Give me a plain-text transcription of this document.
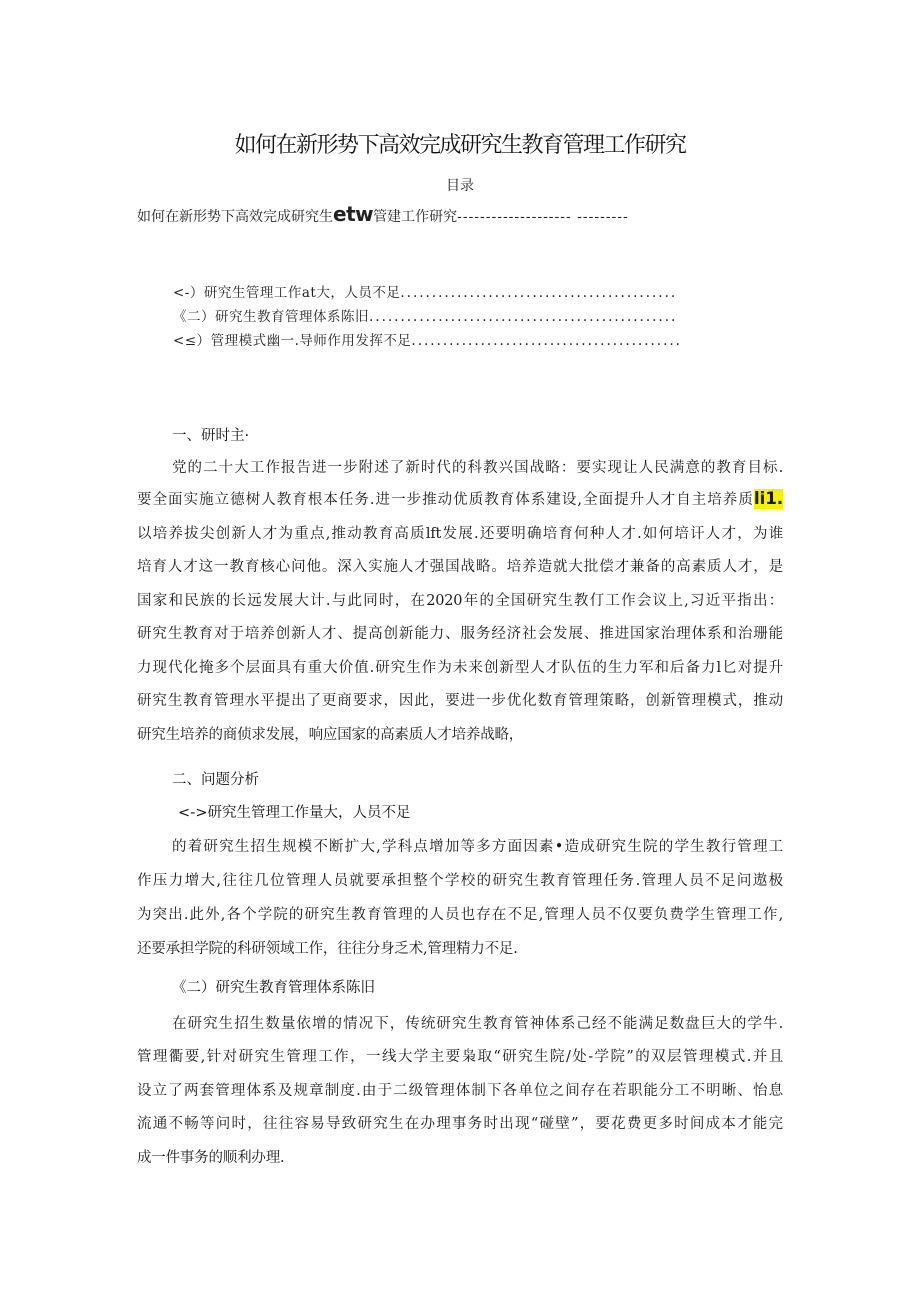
如何在新形势下高效完成研究生教育管理工作研究
目录
如何在新形势下高效完成研究生etw管建工作研究-------------------- ---------
<-）研究生管理工作at大，人员不足............................................
《二）研究生教育管理体系陈旧.................................................
<≤）管理模式幽一.导师作用发挥不足...........................................
一、研时主·
党的二十大工作报告进一步附述了新时代的科教兴国战略：要实现让人民满意的教育目标.
要全面实施立德树人教育根本任务.进一步推动优质教育体系建设,全面提升人才自主培养质li1.
以培养拔尖创新人才为重点,推动教育高质lft发展.还要明确培育何种人才.如何培讦人才，为谁
培育人才这一教育核心问他。深入实施人才强国战略。培养造就大批偿才兼备的高素质人才，是
国家和民族的长远发展大计.与此同时，在2020年的全国研究生教仃工作会议上,习近平指出：
研究生教育对于培养创新人才、提高创新能力、服务经济社会发展、推进国家治理体系和治珊能
力现代化掩多个层面具有重大价值.研究生作为未来创新型人才队伍的生力军和后备力l匕对提升
研究生教育管理水平提出了更商要求，因此，要进一步优化数育管理策略，创新管理模式，推动
研究生培养的商侦求发展，响应国家的高素质人才培养战略，
二、问题分析
<->研究生管理工作量大，人员不足
的着研究生招生规模不断扩大,学科点增加等多方面因素•造成研究生院的学生教行管理工
作压力增大,往往几位管理人员就要承担整个学校的研究生教育管理任务.管理人员不足问遨极
为突出.此外,各个学院的研究生教育管理的人员也存在不足,管理人员不仅要负费学生管理工作,
还要承担学院的科研领域工作，往往分身乏术,管理精力不足.
《二）研究生教育管理体系陈旧
在研究生招生数量依增的情况下，传统研究生教育管神体系己经不能满足数盘巨大的学牛.
管理衢要,针对研究生管理工作，一线大学主要枭取“研究生院/处-学院”的双层管理模式.并且
设立了两套管理体系及规章制度.由于二级管理体制下各单位之间存在若职能分工不明晰、怡息
流通不畅等问时，往往容易导致研究生在办理事务时出现“碰壁”，要花费更多时间成本才能完
成一件事务的顺利办理.
